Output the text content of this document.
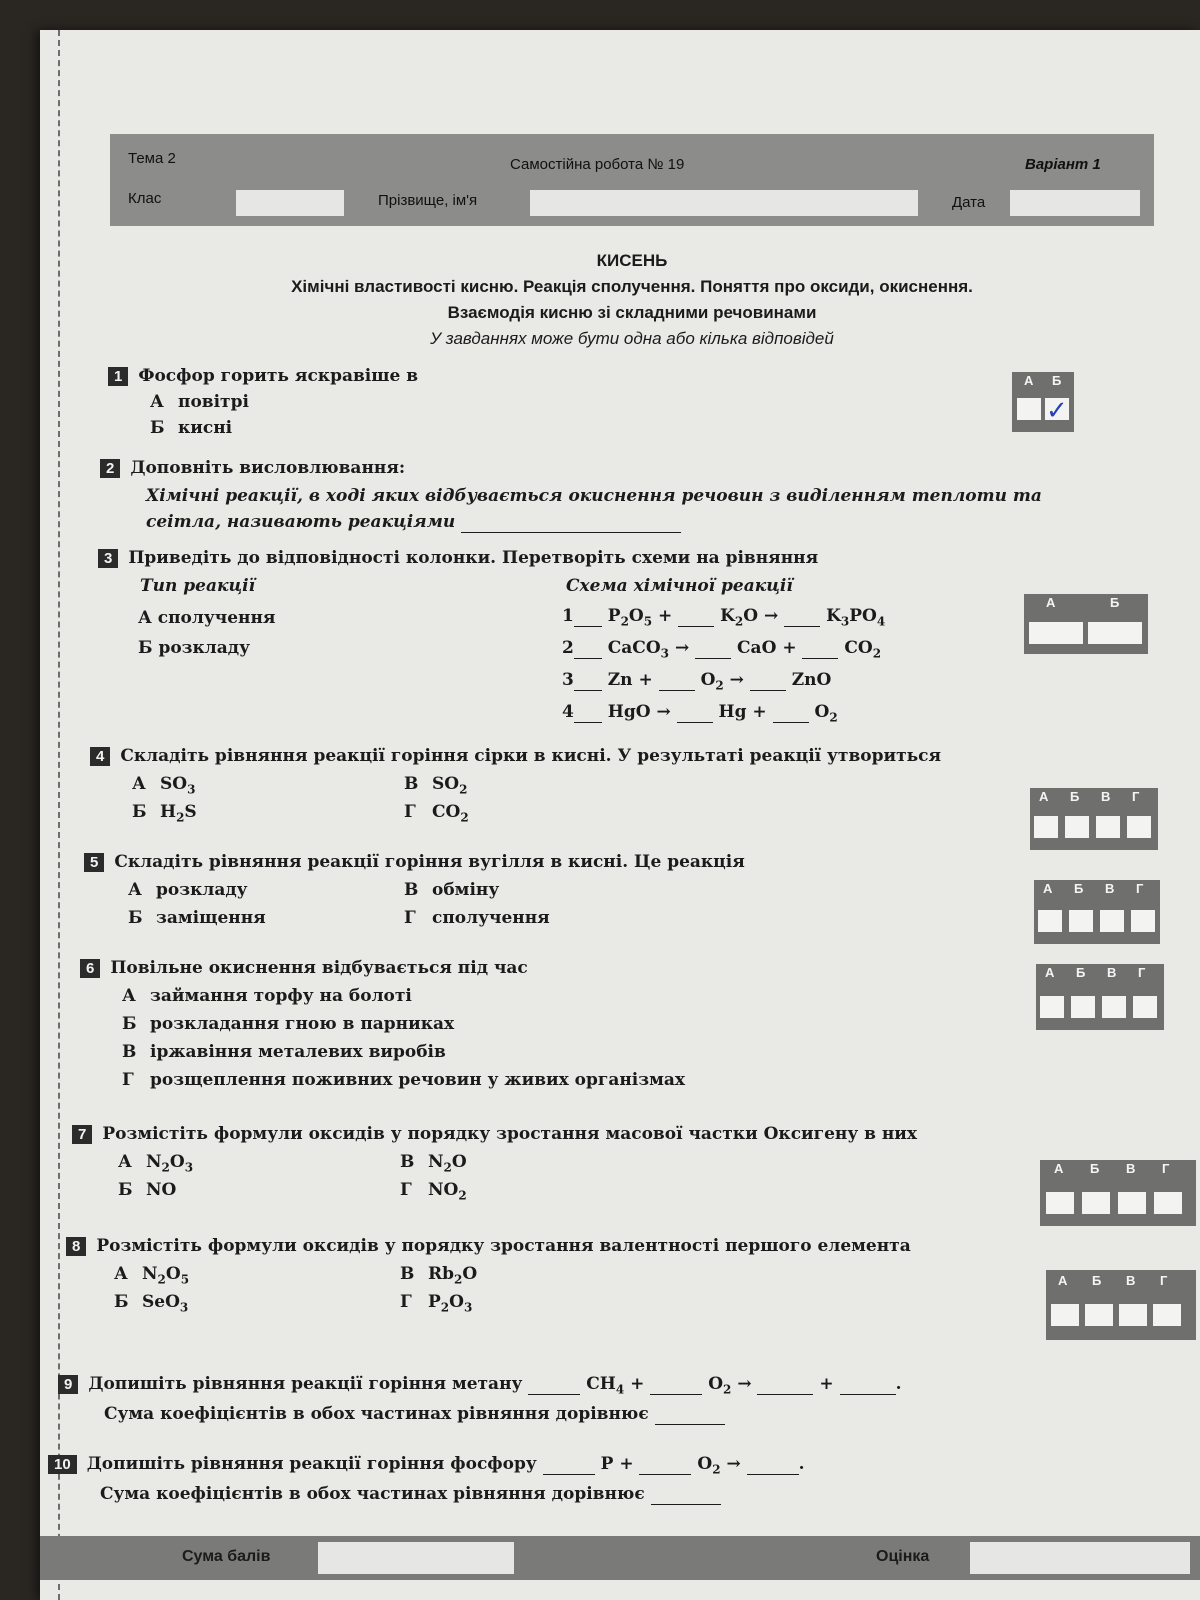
Тема 2	Самостійна робота № 19	Варіант 1
Клас	Прізвище, ім'я	Дата
КИСЕНЬ
Хімічні властивості кисню. Реакція сполучення. Поняття про оксиди, окиснення.
Взаємодія кисню зі складними речовинами
У завданнях може бути одна або кілька відповідей
1 Фосфор горить яскравіше в
А повітрі
Б кисні
А Б
✓
2 Доповніть висловлювання:
Хімічні реакції, в ході яких відбувається окиснення речовин з виділенням теплоти та
сеітла, називають реакціями
3 Приведіть до відповідності колонки. Перетворіть схеми на рівняння
Тип реакції	Схема хімічної реакції
А сполучення
Б розкладу
1 $P_2O_5$ +	$K_2O$ →	$K_3PO_4$
2 CaCO$_3$ →	CaO +	$CO_2$
3 Zn +	$O_2$ →	ZnO
4 HgO →	Hg +	$O_2$
А	Б
4 Складіть рівняння реакції горіння сірки в кисні. У результаті реакції утвориться
А $SO_3$
Б $H_2S$
В $SO_2$
Г $CO_2$
А Б В Г
5 Складіть рівняння реакції горіння вугілля в кисні. Це реакція
А розкладу
Б заміщення
В обміну
Г сполучення
А Б В Г
6 Повільне окиснення відбувається під час
А займання торфу на болоті
Б розкладання гною в парниках
В іржавіння металевих виробів
Г розщеплення поживних речовин у живих організмах
А Б В Г
7 Розмістіть формули оксидів у порядку зростання масової частки Оксигену в них
А $N_2O_3$
Б NO
В $N_2O$
Г $NO_2$
А Б В Г
8 Розмістіть формули оксидів у порядку зростання валентності першого елемента
А $N_2O_5$
Б SeO$_3$
В $Rb_2O$
Г $P_2O_3$
А Б В Г
9 Допишіть рівняння реакції горіння метану	$CH_4$ +	$O_2$ →	+	.
Сума коефіцієнтів в обох частинах рівняння дорівнює
10 Допишіть рівняння реакції горіння фосфору	P +	$O_2$ →	.
Сума коефіцієнтів в обох частинах рівняння дорівнює
Сума балів	Оцінка
